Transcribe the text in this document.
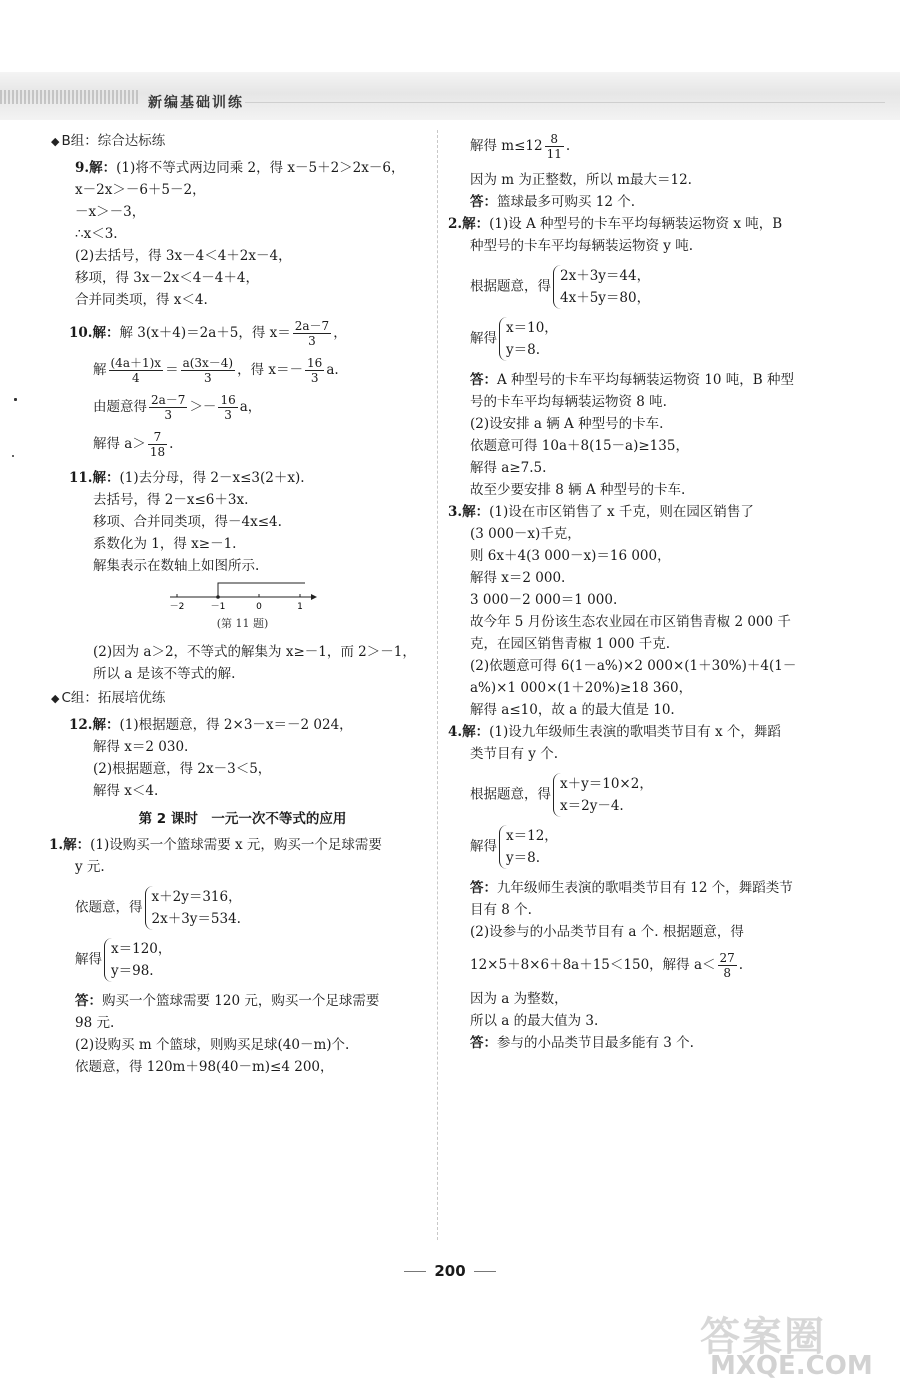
新编基础训练
◆ B组：综合达标练
9.解：(1)将不等式两边同乘 2，得 x－5＋2＞2x－6，
x－2x＞－6＋5－2，
－x＞－3，
∴x＜3.
(2)去括号，得 3x－4＜4＋2x－4，
移项，得 3x－2x＜4－4＋4，
合并同类项，得 x＜4.
10.解：解 3(x＋4)＝2a＋5，得 $x= \frac{2a-7}{3}$ ，
解 $\frac{(4a+1)x}{4} = \frac{a(3x-4)}{3}$ ，得 $x=- \frac{16}{3} a$.
由题意得 $\frac{2a-7}{3} >- \frac{16}{3}$ a，
解得 $a> \frac{7}{18}$ .
11.解：(1)去分母，得 2－x≤3(2＋x).
去括号，得 2－x≤6＋3x.
移项、合并同类项，得－4x≤4.
系数化为 1，得 x≥－1.
解集表示在数轴上如图所示.
－2	－1	0	1
(第 11 题)
(2)因为 a＞2，不等式的解集为 x≥－1，而 2＞－1，
所以 a 是该不等式的解.
◆ C组：拓展培优练
12.解：(1)根据题意，得 2×3－x＝－2 024，
解得 x＝2 030.
(2)根据题意，得 2x－3＜5，
解得 x＜4.
第 2 课时　一元一次不等式的应用
1.解：(1)设购买一个篮球需要 x 元，购买一个足球需要
y 元.
依题意，得
x＋2y＝316，
2x＋3y＝534.
解得
x＝120，
y＝98.
答：购买一个篮球需要 120 元，购买一个足球需要
98 元.
(2)设购买 m 个篮球，则购买足球(40－m)个.
依题意，得 120m＋98(40－m)≤4 200，
解得 $m\le 12 \frac{8}{11}$ .
因为 m 为正整数，所以 m最大＝12.
答：篮球最多可购买 12 个.
2.解：(1)设 A 种型号的卡车平均每辆装运物资 x 吨，B
种型号的卡车平均每辆装运物资 y 吨.
根据题意，得
2x＋3y＝44，
4x＋5y＝80，
解得
x＝10，
y＝8.
答：A 种型号的卡车平均每辆装运物资 10 吨，B 种型
号的卡车平均每辆装运物资 8 吨.
(2)设安排 a 辆 A 种型号的卡车.
依题意可得 10a＋8(15－a)≥135，
解得 a≥7.5.
故至少要安排 8 辆 A 种型号的卡车.
3.解：(1)设在市区销售了 x 千克，则在园区销售了
(3 000－x)千克，
则 6x＋4(3 000－x)＝16 000，
解得 x＝2 000.
3 000－2 000＝1 000.
故今年 5 月份该生态农业园在市区销售青椒 2 000 千
克，在园区销售青椒 1 000 千克.
(2)依题意可得 6(1－a%)×2 000×(1＋30%)＋4(1－
a%)×1 000×(1＋20%)≥18 360，
解得 a≤10，故 a 的最大值是 10.
4.解：(1)设九年级师生表演的歌唱类节目有 x 个，舞蹈
类节目有 y 个.
根据题意，得
x＋y＝10×2，
x＝2y－4.
解得
x＝12，
y＝8.
答：九年级师生表演的歌唱类节目有 12 个，舞蹈类节
目有 8 个.
(2)设参与的小品类节目有 a 个. 根据题意，得
12×5＋8×6＋8a＋15＜150，解得 $a< \frac{27}{8}$ .
因为 a 为整数，
所以 a 的最大值为 3.
答：参与的小品类节目最多能有 3 个.
200
答案圈
MXQE.COM
